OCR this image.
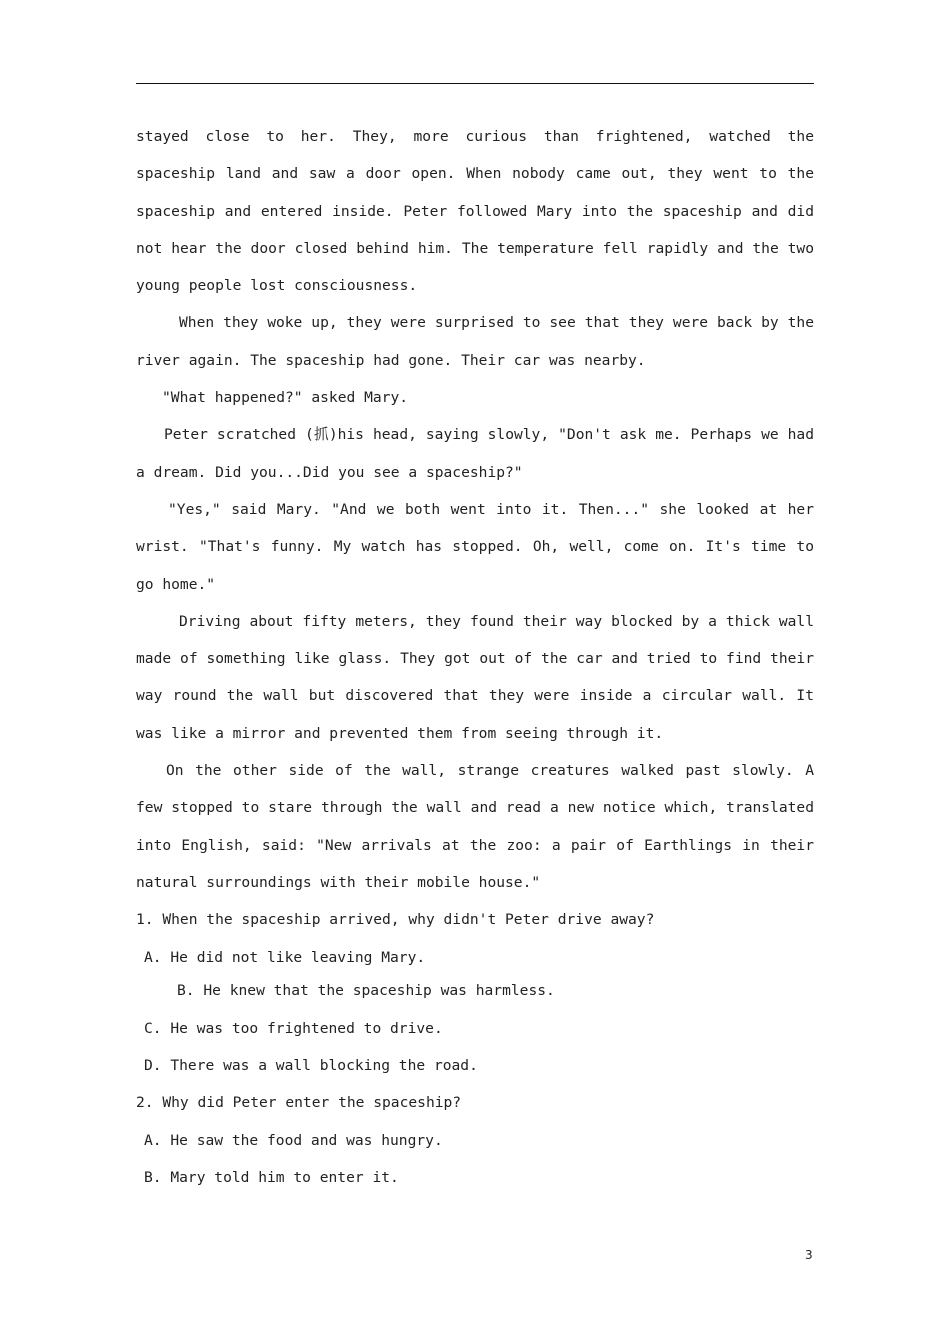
stayed close to her. They, more curious than frightened, watched the spaceship land and saw a door open. When nobody came out, they went to the spaceship and entered inside. Peter followed Mary into the spaceship and did not hear the door closed behind him. The temperature fell rapidly and the two young people lost consciousness.

When they woke up, they were surprised to see that they were back by the river again. The spaceship had gone. Their car was nearby.

"What happened?" asked Mary.

Peter scratched (抓)his head, saying slowly, "Don't ask me. Perhaps we had a dream. Did you...Did you see a spaceship?"

"Yes," said Mary. "And we both went into it. Then..." she looked at her wrist. "That's funny. My watch has stopped. Oh, well, come on. It's time to go home."

Driving about fifty meters, they found their way blocked by a thick wall made of something like glass. They got out of the car and tried to find their way round the wall but discovered that they were inside a circular wall. It was like a mirror and prevented them from seeing through it.

On the other side of the wall, strange creatures walked past slowly. A few stopped to stare through the wall and read a new notice which, translated into English, said: "New arrivals at the zoo: a pair of Earthlings in their natural surroundings with their mobile house."

1. When the spaceship arrived, why didn't Peter drive away?

A. He did not like leaving Mary.

B. He knew that the spaceship was harmless.

C. He was too frightened to drive.

D. There was a wall blocking the road.

2. Why did Peter enter the spaceship?

A. He saw the food and was hungry.

B. Mary told him to enter it.

3
